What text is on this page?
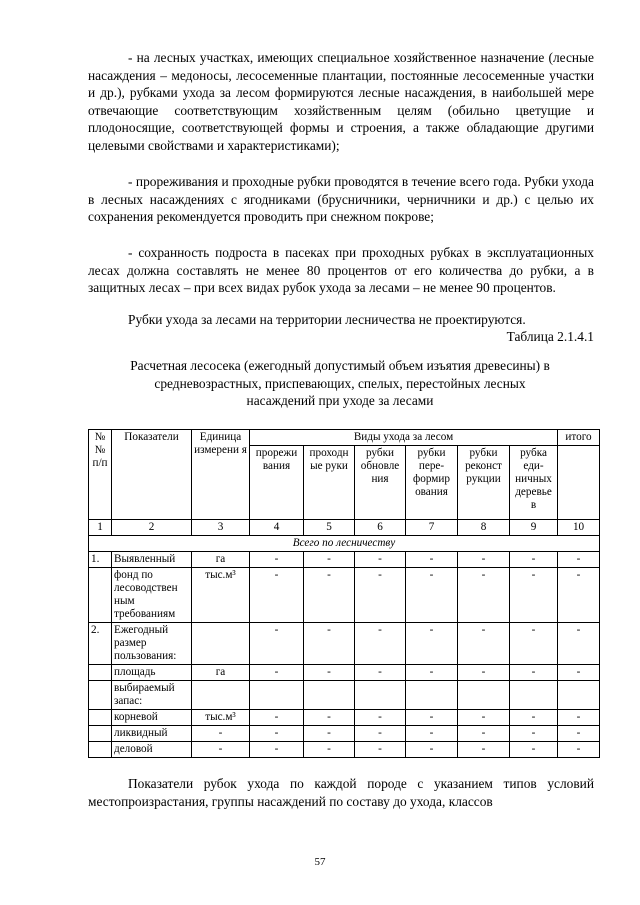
- на лесных участках, имеющих специальное хозяйственное назначение (лесные насаждения – медоносы, лесосеменные плантации, постоянные лесосеменные участки и др.), рубками ухода за лесом формируются лесные насаждения, в наибольшей мере отвечающие соответствующим хозяйственным целям (обильно цветущие и плодоносящие, соответствующей формы и строения, а также обладающие другими целевыми свойствами и характеристиками);

- прореживания и проходные рубки проводятся в течение всего года. Рубки ухода в лесных насаждениях с ягодниками (брусничники, черничники и др.) с целью их сохранения рекомендуется проводить при снежном покрове;

- сохранность подроста в пасеках при проходных рубках в эксплуатационных лесах должна составлять не менее 80 процентов от его количества до рубки, а в защитных лесах – при всех видах рубок ухода за лесами – не менее 90 процентов.

Рубки ухода за лесами на территории лесничества не проектируются.

Таблица 2.1.4.1

Расчетная лесосека (ежегодный допустимый объем изъятия древесины) в средневозрастных, приспевающих, спелых, перестойных лесных насаждений при уходе за лесами

№ № п/п	Показатели	Единица измерени я	Виды ухода за лесом						итого
			прорежи вания	проходн ые руки	рубки обновле ния	рубки пере- формир ования	рубки реконст рукции	рубка еди- ничных деревье в	
1	2	3	4	5	6	7	8	9	10
Всего по лесничеству									
1.	Выявленный	га	-	-	-	-	-	-	-
	фонд по лесоводствен ным требованиям	тыс.м³	-	-	-	-	-	-	-
2.	Ежегодный размер пользования:		-	-	-	-	-	-	-
	площадь	га	-	-	-	-	-	-	-
	выбираемый запас:								
	корневой	тыс.м³	-	-	-	-	-	-	-
	ликвидный	-	-	-	-	-	-	-	-
	деловой	-	-	-	-	-	-	-	-

Показатели рубок ухода по каждой породе с указанием типов условий местопроизрастания, группы насаждений по составу до ухода, классов

57
